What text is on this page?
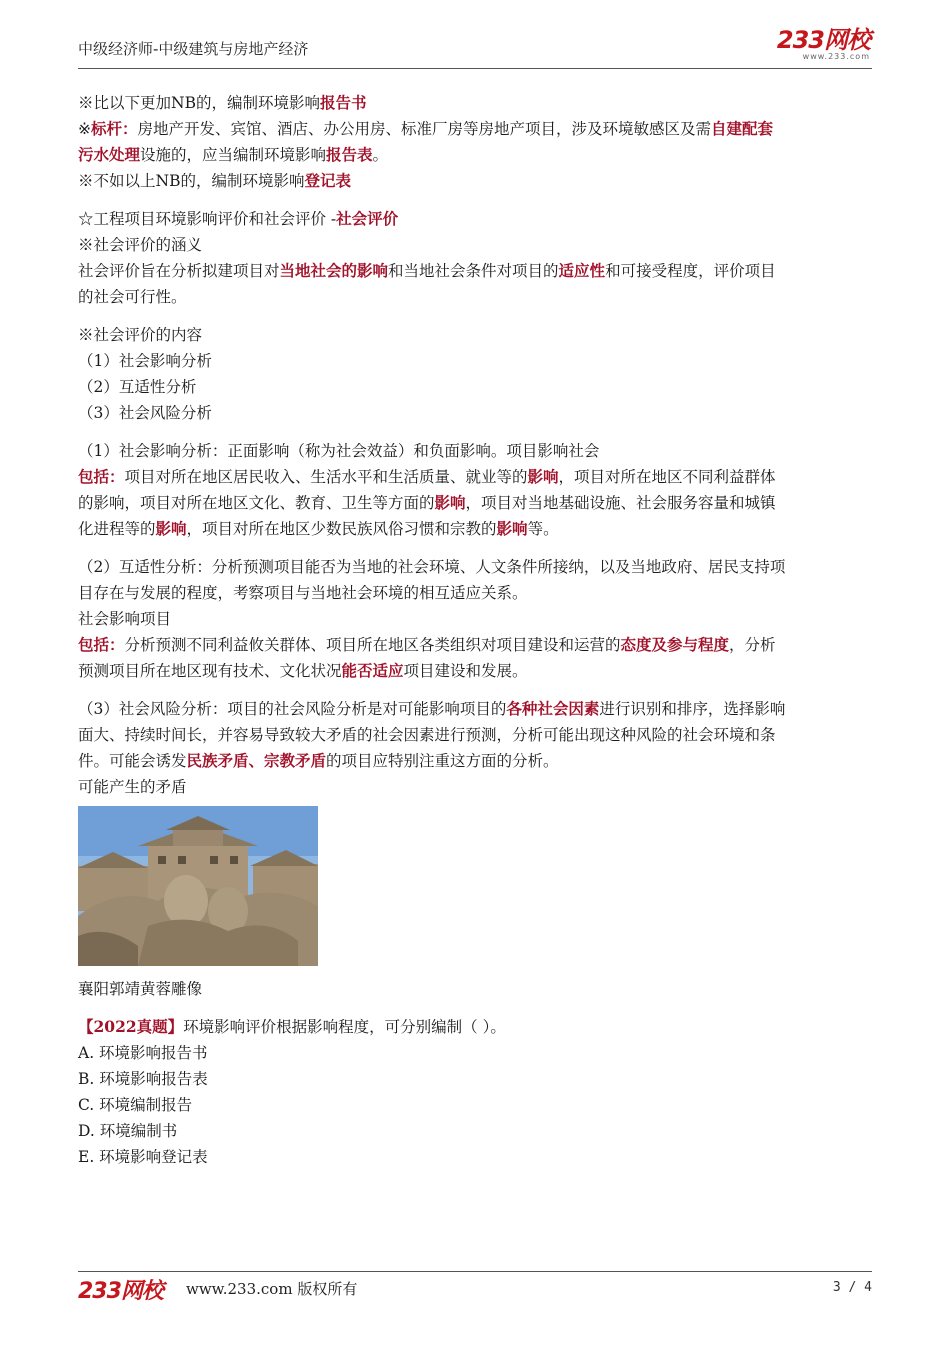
中级经济师-中级建筑与房地产经济	233网校
www.233.com

※比以下更加NB的，编制环境影响报告书

※标杆：房地产开发、宾馆、酒店、办公用房、标准厂房等房地产项目，涉及环境敏感区及需自建配套

污水处理设施的，应当编制环境影响报告表。

※不如以上NB的，编制环境影响登记表

☆工程项目环境影响评价和社会评价 -社会评价

※社会评价的涵义

社会评价旨在分析拟建项目对当地社会的影响和当地社会条件对项目的适应性和可接受程度，评价项目

的社会可行性。

※社会评价的内容

（1）社会影响分析

（2）互适性分析

（3）社会风险分析

（1）社会影响分析：正面影响（称为社会效益）和负面影响。项目影响社会

包括：项目对所在地区居民收入、生活水平和生活质量、就业等的影响，项目对所在地区不同利益群体

的影响，项目对所在地区文化、教育、卫生等方面的影响，项目对当地基础设施、社会服务容量和城镇

化进程等的影响，项目对所在地区少数民族风俗习惯和宗教的影响等。

（2）互适性分析：分析预测项目能否为当地的社会环境、人文条件所接纳，以及当地政府、居民支持项

目存在与发展的程度，考察项目与当地社会环境的相互适应关系。

社会影响项目

包括：分析预测不同利益攸关群体、项目所在地区各类组织对项目建设和运营的态度及参与程度，分析

预测项目所在地区现有技术、文化状况能否适应项目建设和发展。

（3）社会风险分析：项目的社会风险分析是对可能影响项目的各种社会因素进行识别和排序，选择影响

面大、持续时间长，并容易导致较大矛盾的社会因素进行预测，分析可能出现这种风险的社会环境和条

件。可能会诱发民族矛盾、宗教矛盾的项目应特别注重这方面的分析。

可能产生的矛盾

襄阳郭靖黄蓉雕像

【2022真题】环境影响评价根据影响程度，可分别编制（ ）。

A. 环境影响报告书

B. 环境影响报告表

C. 环境编制报告

D. 环境编制书

E. 环境影响登记表

233网校 www.233.com 版权所有	3 / 4
